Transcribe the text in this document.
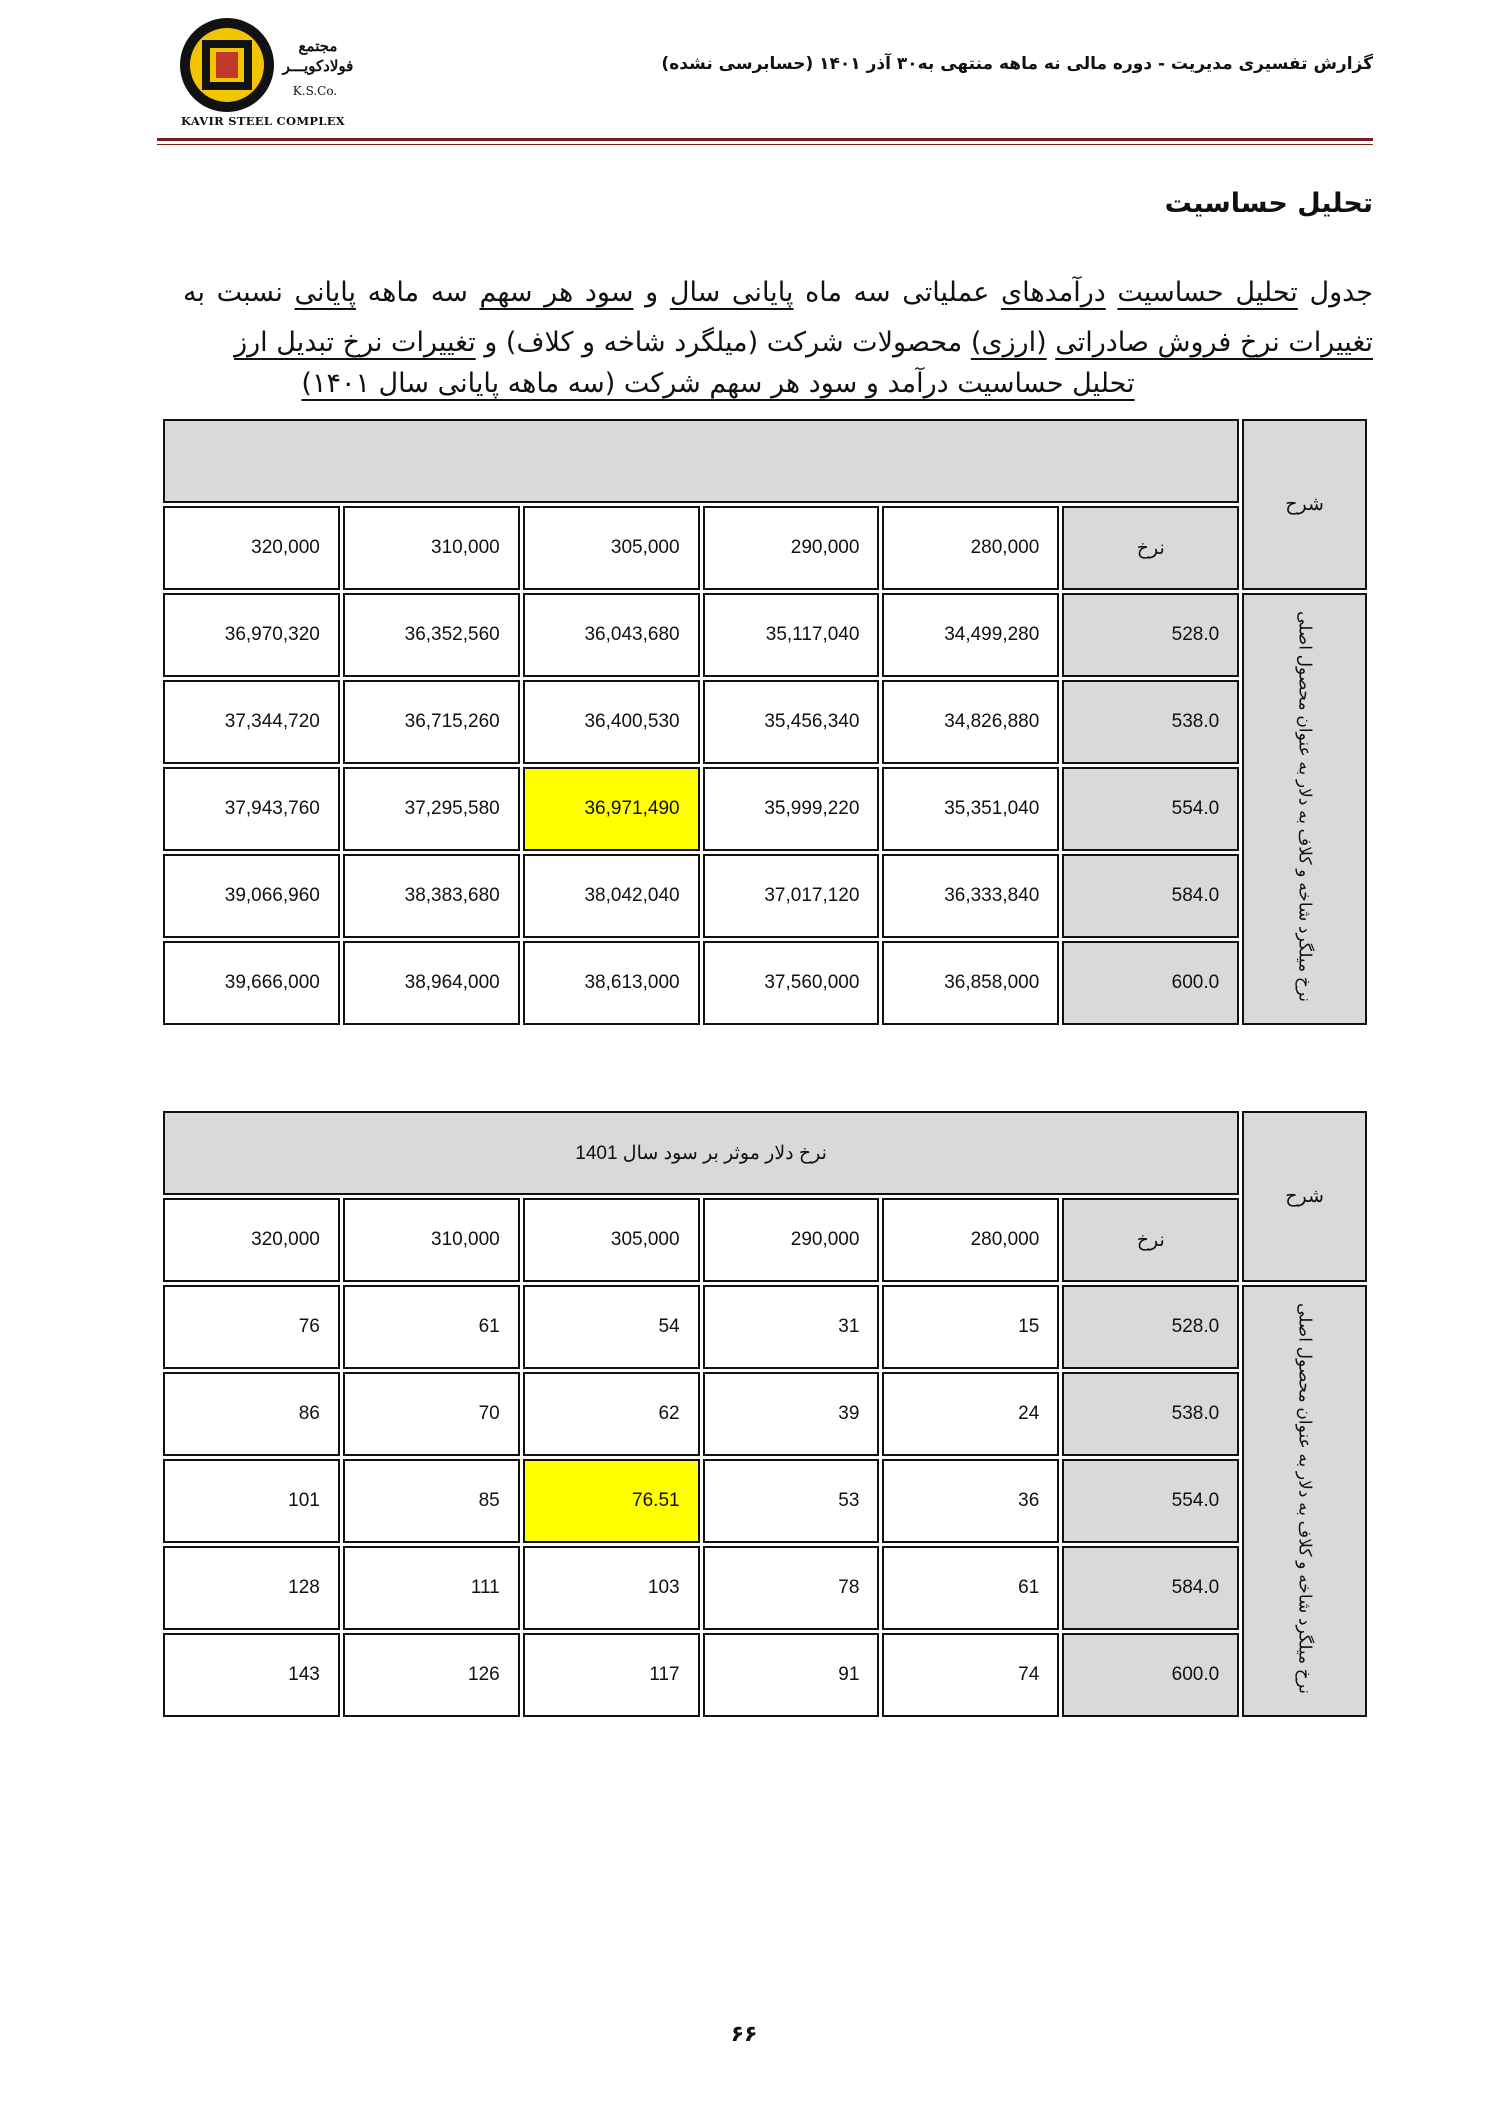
مجتمع
فولادکویـــر
K.S.Co.
KAVIR STEEL COMPLEX
گزارش تفسیری مدیریت - دوره مالی نه ماهه منتهی به۳۰ آذر ۱۴۰۱ (حسابرسی نشده)
تحلیل حساسیت
جدول تحلیل حساسیت درآمدهای عملیاتی سه ماه پایانی سال و سود هر سهم سه ماهه پایانی نسبت به تغییرات نرخ فروش صادراتی (ارزی) محصولات شرکت (میلگرد شاخه و کلاف) و تغییرات نرخ تبدیل ارز
تحلیل حساسیت درآمد و سود هر سهم شرکت (سه ماهه پایانی سال ۱۴۰۱)
						شرح
320,000	310,000	305,000	290,000	280,000	نرخ	
36,970,320	36,352,560	36,043,680	35,117,040	34,499,280	528.0	نرخ میلگرد شاخه و کلاف به دلار به عنوان محصول اصلی
37,344,720	36,715,260	36,400,530	35,456,340	34,826,880	538.0	
37,943,760	37,295,580	36,971,490	35,999,220	35,351,040	554.0	
39,066,960	38,383,680	38,042,040	37,017,120	36,333,840	584.0	
39,666,000	38,964,000	38,613,000	37,560,000	36,858,000	600.0	
نرخ دلار موثر بر سود سال 1401						شرح
320,000	310,000	305,000	290,000	280,000	نرخ	
76	61	54	31	15	528.0	نرخ میلگرد شاخه و کلاف به دلار به عنوان محصول اصلی
86	70	62	39	24	538.0	
101	85	76.51	53	36	554.0	
128	111	103	78	61	584.0	
143	126	117	91	74	600.0	
۶۶
